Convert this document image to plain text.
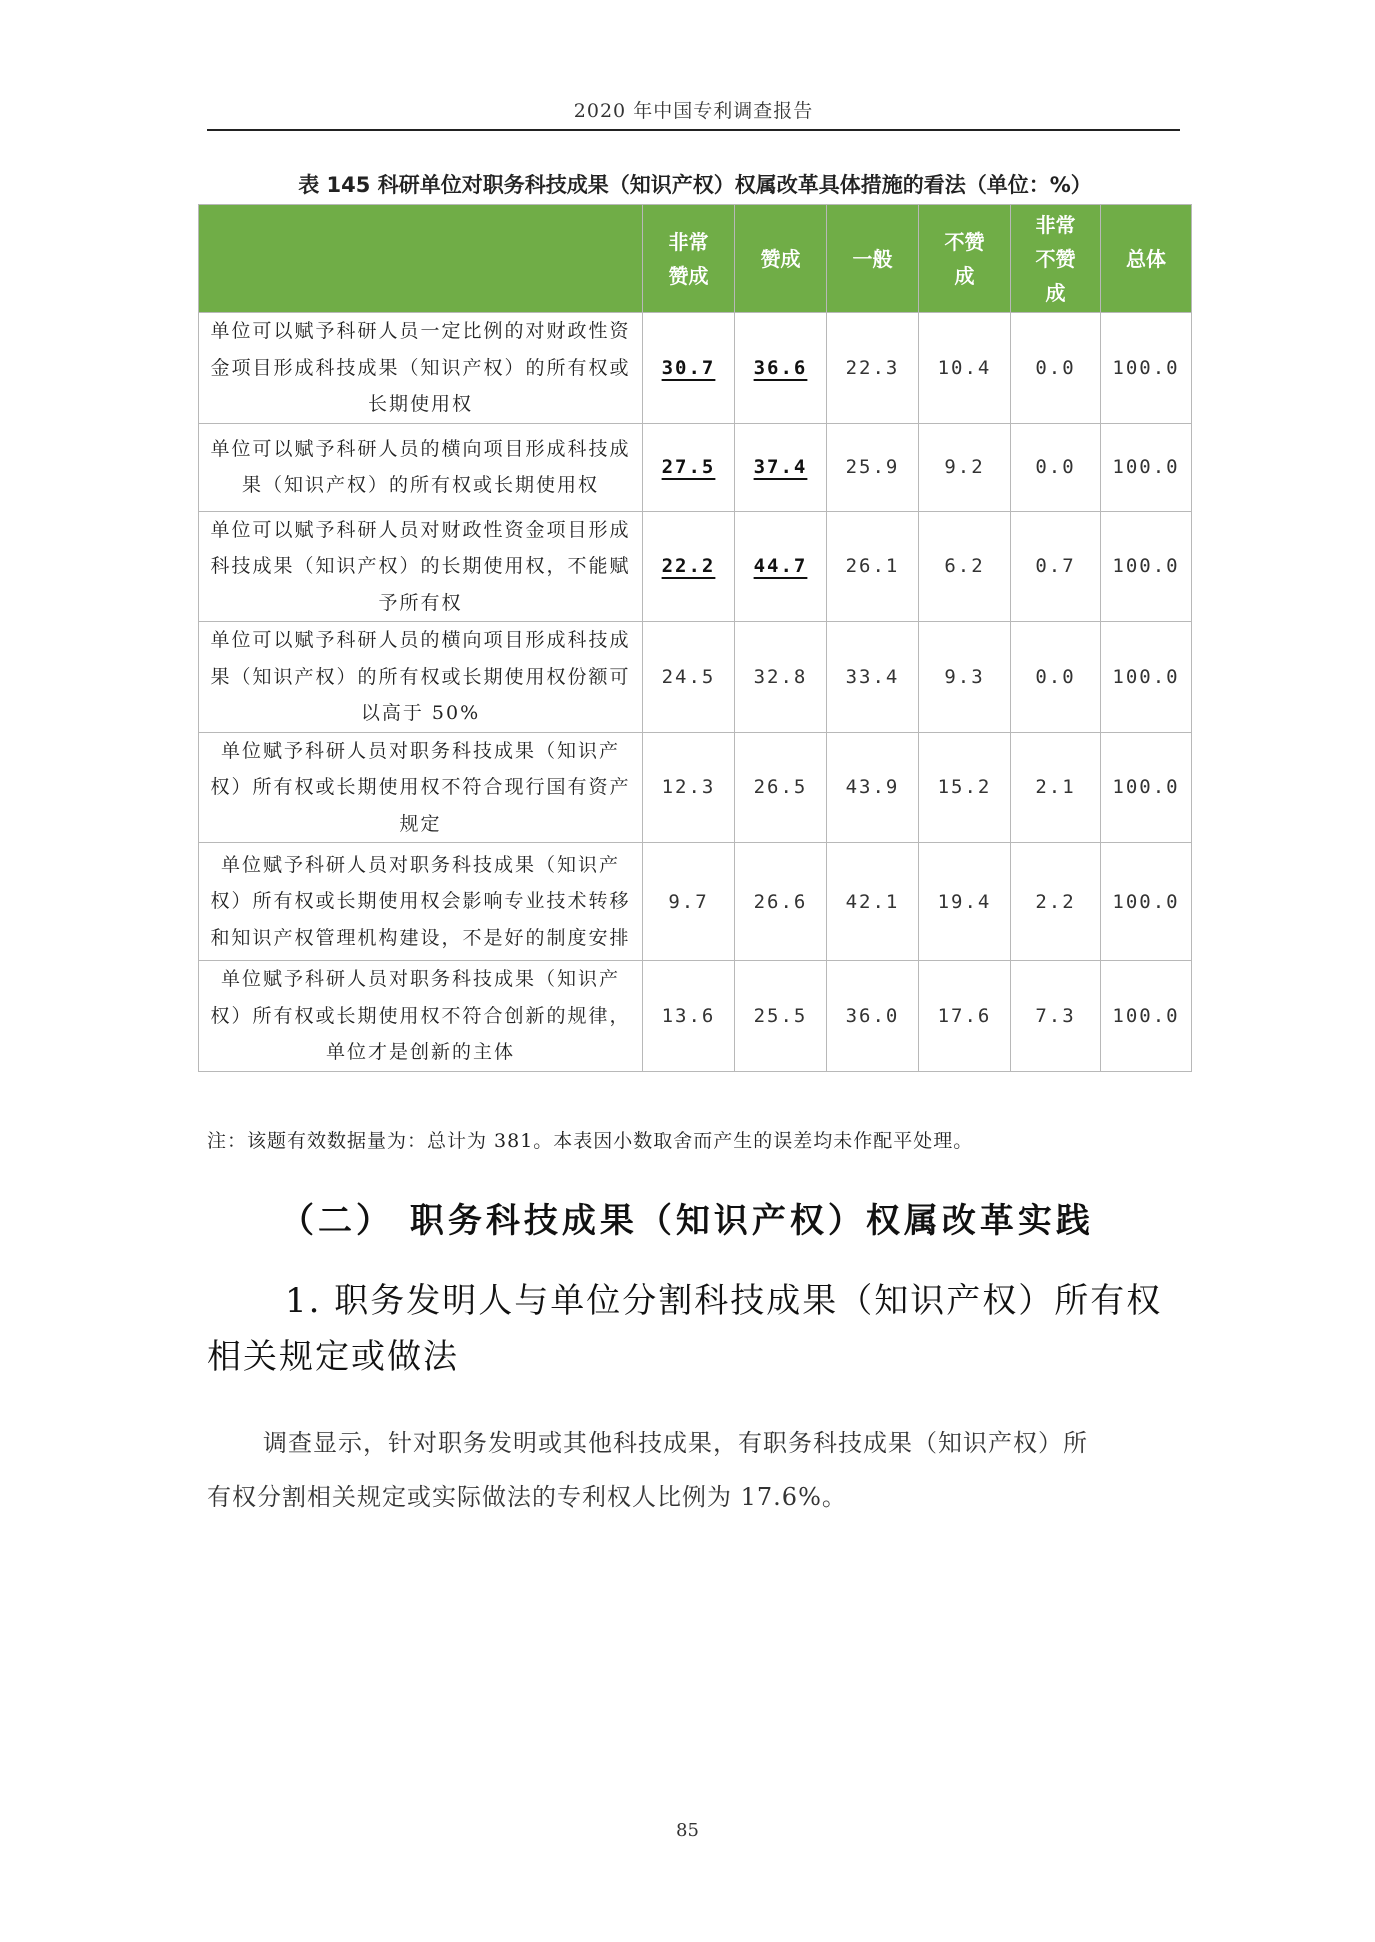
2020 年中国专利调查报告
表 145 科研单位对职务科技成果（知识产权）权属改革具体措施的看法（单位：%）
	非常赞成	赞成	一般	不赞成	非常不赞成	总体
单位可以赋予科研人员一定比例的对财政性资金项目形成科技成果（知识产权）的所有权或长期使用权	30.7	36.6	22.3	10.4	0.0	100.0
单位可以赋予科研人员的横向项目形成科技成果（知识产权）的所有权或长期使用权	27.5	37.4	25.9	9.2	0.0	100.0
单位可以赋予科研人员对财政性资金项目形成科技成果（知识产权）的长期使用权，不能赋予所有权	22.2	44.7	26.1	6.2	0.7	100.0
单位可以赋予科研人员的横向项目形成科技成果（知识产权）的所有权或长期使用权份额可以高于 50%	24.5	32.8	33.4	9.3	0.0	100.0
单位赋予科研人员对职务科技成果（知识产权）所有权或长期使用权不符合现行国有资产规定	12.3	26.5	43.9	15.2	2.1	100.0
单位赋予科研人员对职务科技成果（知识产权）所有权或长期使用权会影响专业技术转移和知识产权管理机构建设，不是好的制度安排	9.7	26.6	42.1	19.4	2.2	100.0
单位赋予科研人员对职务科技成果（知识产权）所有权或长期使用权不符合创新的规律，单位才是创新的主体	13.6	25.5	36.0	17.6	7.3	100.0
注：该题有效数据量为：总计为 381。本表因小数取舍而产生的误差均未作配平处理。
（二） 职务科技成果（知识产权）权属改革实践
1. 职务发明人与单位分割科技成果（知识产权）所有权
相关规定或做法
调查显示，针对职务发明或其他科技成果，有职务科技成果（知识产权）所
有权分割相关规定或实际做法的专利权人比例为 17.6%。
85
